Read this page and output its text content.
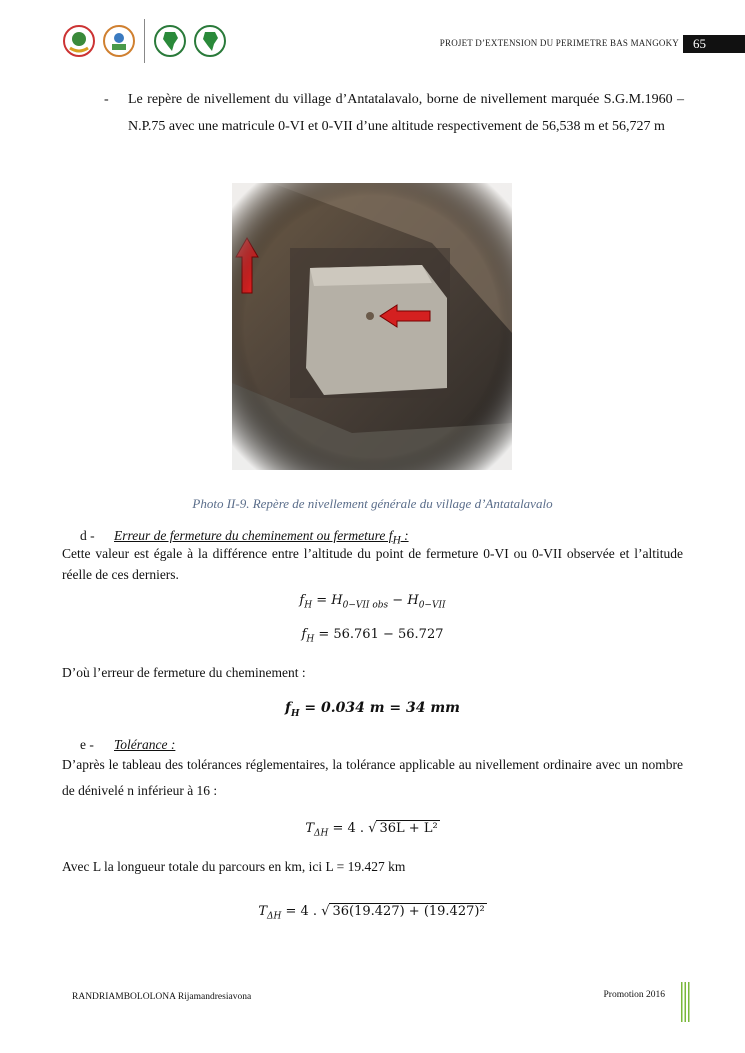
PROJET D’EXTENSION DU PERIMETRE BAS MANGOKY	65
- Le repère de nivellement du village d’Antatalavalo, borne de nivellement marquée S.G.M.1960 – N.P.75 avec une matricule 0-VI et 0-VII d’une altitude respectivement de 56,538 m et 56,727 m
Photo II-9. Repère de nivellement générale du village d’Antatalavalo
d - Erreur de fermeture du cheminement ou fermeture $f_H$ :
Cette valeur est égale à la différence entre l’altitude du point de fermeture 0-VI ou 0-VII observée et l’altitude réelle de ces derniers.
$f_H = H_{0-VII obs} - H_{0-VII}$
$f_H = 56.761 - 56.727$
D’où l’erreur de fermeture du cheminement :
$f_H = 0.034$ m = 34 mm
e - Tolérance :
D’après le tableau des tolérances réglementaires, la tolérance applicable au nivellement ordinaire avec un nombre de dénivelé n inférieur à 16 :
$T_{\Delta H} = 4$ . √ 36L + L²
Avec L la longueur totale du parcours en km, ici L = 19.427 km
$T_{\Delta H} = 4$ . √ 36(19.427) + (19.427)²
RANDRIAMBOLOLONA Rijamandresiavona	Promotion 2016
